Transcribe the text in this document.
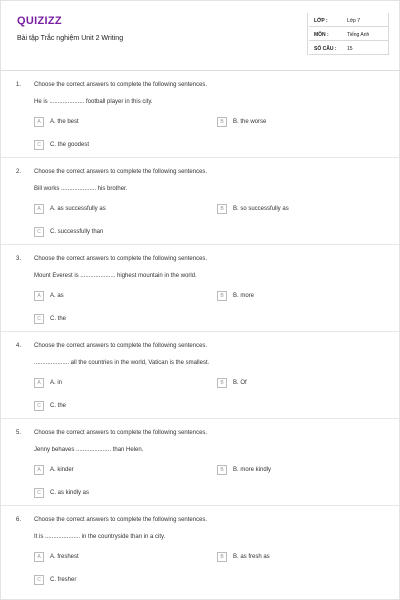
QUIZIZZ
Bài tập Trắc nghiệm Unit 2 Writing
LỚP :	Lớp 7
MÔN :	Tiếng Anh
SỐ CÂU : 15
1. Choose the correct answers to complete the following sentences.
He is ..................... football player in this city.
A	A. the best	B	B. the worse
C	C. the goodest
2. Choose the correct answers to complete the following sentences.
Bill works ..................... his brother.
A	A. as successfully as	B	B. so successfully as
C	C. successfully than
3. Choose the correct answers to complete the following sentences.
Mount Everest is ..................... highest mountain in the world.
A	A. as	B	B. more
C	C. the
4. Choose the correct answers to complete the following sentences.
..................... all the countries in the world, Vatican is the smallest.
A	A. in	B	B. Of
C	C. the
5. Choose the correct answers to complete the following sentences.
Jenny behaves ..................... than Helen.
A	A. kinder	B	B. more kindly
C	C. as kindly as
6. Choose the correct answers to complete the following sentences.
It is ..................... in the countryside than in a city.
A	A. freshest	B	B. as fresh as
C	C. fresher
